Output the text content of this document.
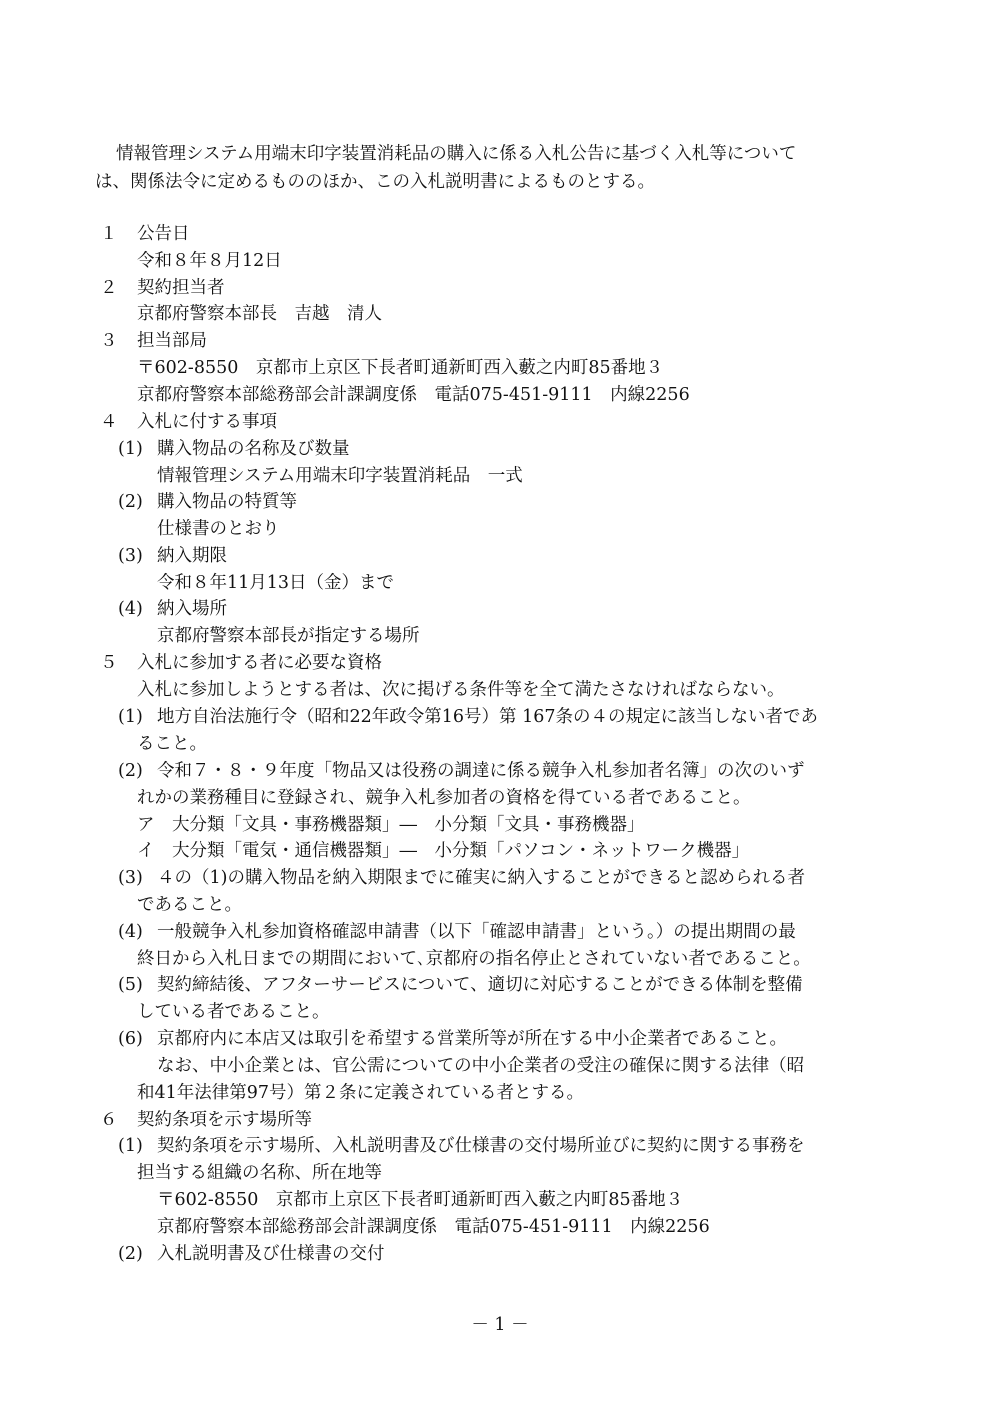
情報管理システム用端末印字装置消耗品の購入に係る入札公告に基づく入札等について
は、関係法令に定めるもののほか、この入札説明書によるものとする。
１ 公告日
令和８年８月12日
２ 契約担当者
京都府警察本部長　吉越　清人
３ 担当部局
〒602-8550　京都市上京区下長者町通新町西入藪之内町85番地３
京都府警察本部総務部会計課調度係　電話075-451-9111　内線2256
４ 入札に付する事項
(1) 購入物品の名称及び数量
情報管理システム用端末印字装置消耗品　一式
(2) 購入物品の特質等
仕様書のとおり
(3) 納入期限
令和８年11月13日（金）まで
(4) 納入場所
京都府警察本部長が指定する場所
５ 入札に参加する者に必要な資格
入札に参加しようとする者は、次に掲げる条件等を全て満たさなければならない。
(1) 地方自治法施行令（昭和22年政令第16号）第 167条の４の規定に該当しない者であ
ること。
(2) 令和７・８・９年度「物品又は役務の調達に係る競争入札参加者名簿」の次のいず
れかの業務種目に登録され、競争入札参加者の資格を得ている者であること。
ア　大分類「文具・事務機器類」―　小分類「文具・事務機器」
イ　大分類「電気・通信機器類」―　小分類「パソコン・ネットワーク機器」
(3) ４の（1)の購入物品を納入期限までに確実に納入することができると認められる者
であること。
(4) 一般競争入札参加資格確認申請書（以下「確認申請書」という。）の提出期間の最
終日から入札日までの期間において､京都府の指名停止とされていない者であること。
(5) 契約締結後、アフターサービスについて、適切に対応することができる体制を整備
している者であること。
(6) 京都府内に本店又は取引を希望する営業所等が所在する中小企業者であること。
なお、中小企業とは、官公需についての中小企業者の受注の確保に関する法律（昭
和41年法律第97号）第２条に定義されている者とする。
６ 契約条項を示す場所等
(1) 契約条項を示す場所、入札説明書及び仕様書の交付場所並びに契約に関する事務を
担当する組織の名称、所在地等
〒602-8550　京都市上京区下長者町通新町西入藪之内町85番地３
京都府警察本部総務部会計課調度係　電話075-451-9111　内線2256
(2) 入札説明書及び仕様書の交付
－ 1 －
